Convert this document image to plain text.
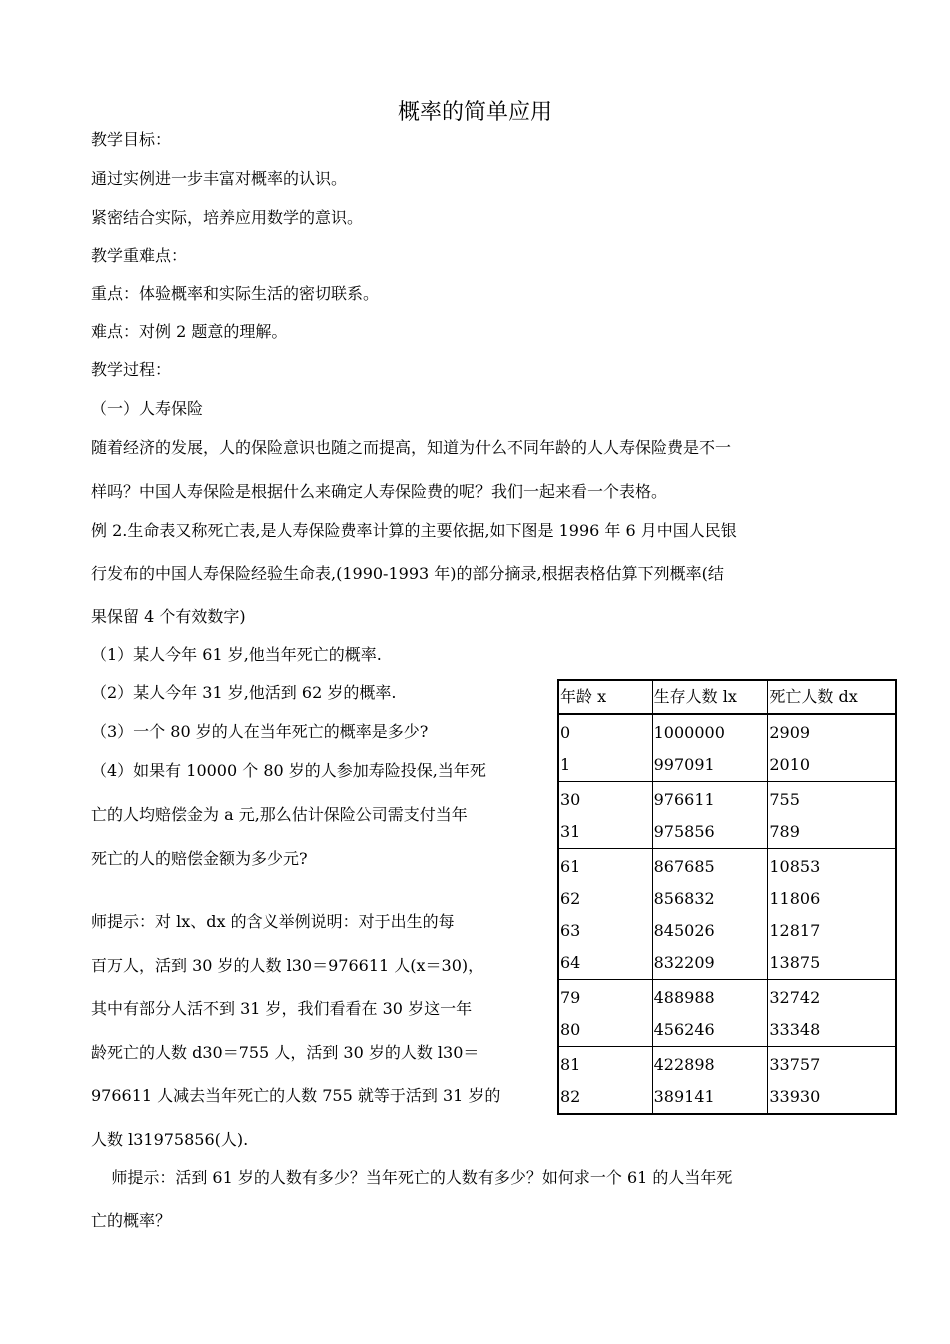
概率的简单应用
教学目标：
通过实例进一步丰富对概率的认识。
紧密结合实际，培养应用数学的意识。
教学重难点：
重点：体验概率和实际生活的密切联系。
难点：对例 2 题意的理解。
教学过程：
（一）人寿保险
随着经济的发展，人的保险意识也随之而提高，知道为什么不同年龄的人人寿保险费是不一
样吗？中国人寿保险是根据什么来确定人寿保险费的呢？我们一起来看一个表格。
例 2.生命表又称死亡表,是人寿保险费率计算的主要依据,如下图是 1996 年 6 月中国人民银
行发布的中国人寿保险经验生命表,(1990-1993 年)的部分摘录,根据表格估算下列概率(结
果保留 4 个有效数字)
（1）某人今年 61 岁,他当年死亡的概率.
（2）某人今年 31 岁,他活到 62 岁的概率.
（3）一个 80 岁的人在当年死亡的概率是多少?
（4）如果有 10000 个 80 岁的人参加寿险投保,当年死
亡的人均赔偿金为 a 元,那么估计保险公司需支付当年
死亡的人的赔偿金额为多少元?
师提示：对 lx、dx 的含义举例说明：对于出生的每
百万人，活到 30 岁的人数 l30＝976611 人(x＝30)，
其中有部分人活不到 31 岁，我们看看在 30 岁这一年
龄死亡的人数 d30＝755 人，活到 30 岁的人数 l30＝
976611 人减去当年死亡的人数 755 就等于活到 31 岁的
人数 l31975856(人).
师提示：活到 61 岁的人数有多少？当年死亡的人数有多少？如何求一个 61 的人当年死
亡的概率？
年龄 x	生存人数 lx	死亡人数 dx
0	1000000	2909
1	997091	2010
30	976611	755
31	975856	789
61	867685	10853
62	856832	11806
63	845026	12817
64	832209	13875
79	488988	32742
80	456246	33348
81	422898	33757
82	389141	33930
